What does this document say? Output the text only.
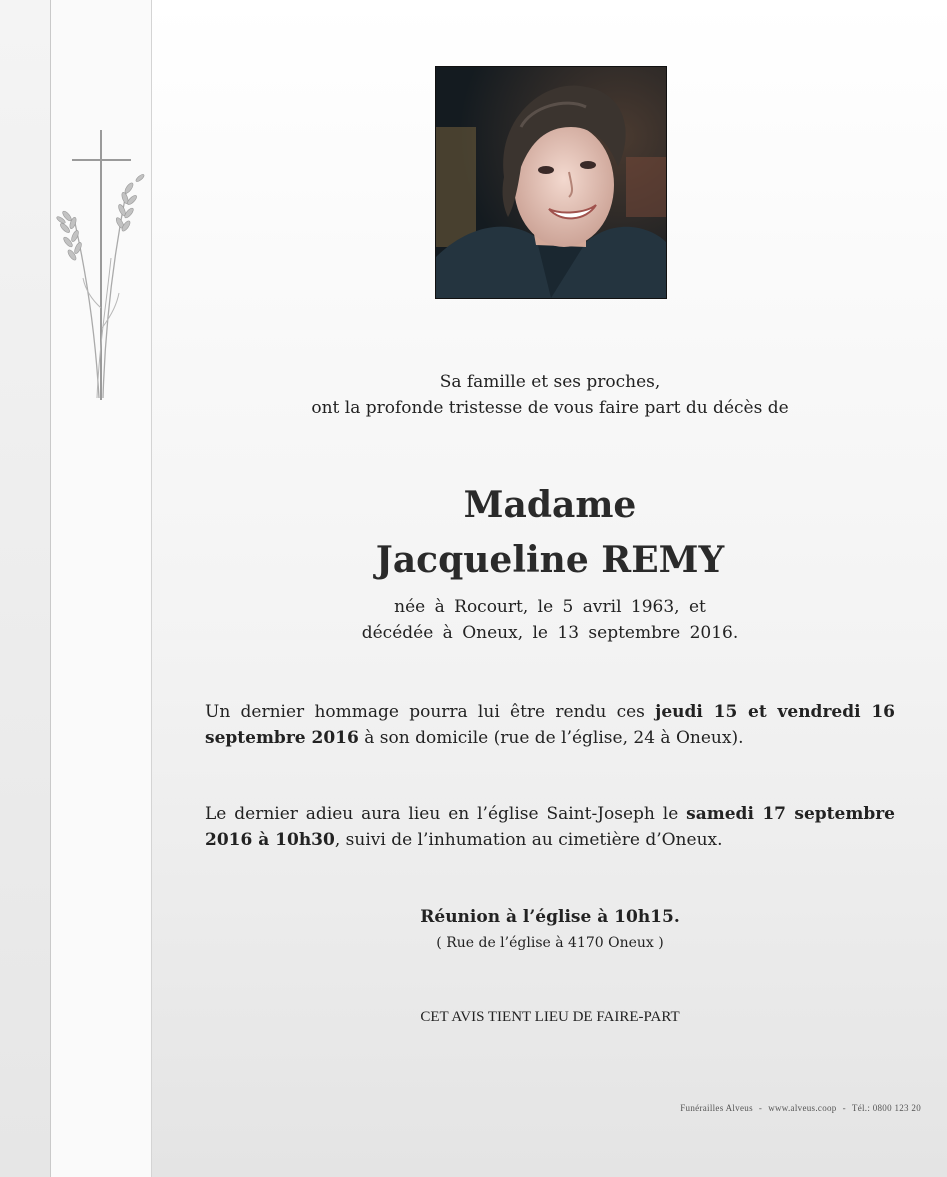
Sa famille et ses proches,
ont la profonde tristesse de vous faire part du décès de
Madame
Jacqueline REMY
née à Rocourt, le 5 avril 1963, et
décédée à Oneux, le 13 septembre 2016.
Un dernier hommage pourra lui être rendu ces jeudi 15 et vendredi 16 septembre 2016 à son domicile (rue de l’église, 24 à Oneux).
Le dernier adieu aura lieu en l’église Saint-Joseph le samedi 17 septembre 2016 à 10h30, suivi de l’inhumation au cimetière d’Oneux.
Réunion à l’église à 10h15.
( Rue de l’église à 4170 Oneux )
CET AVIS TIENT LIEU DE FAIRE-PART
Funérailles Alveus - www.alveus.coop - Tél.: 0800 123 20
